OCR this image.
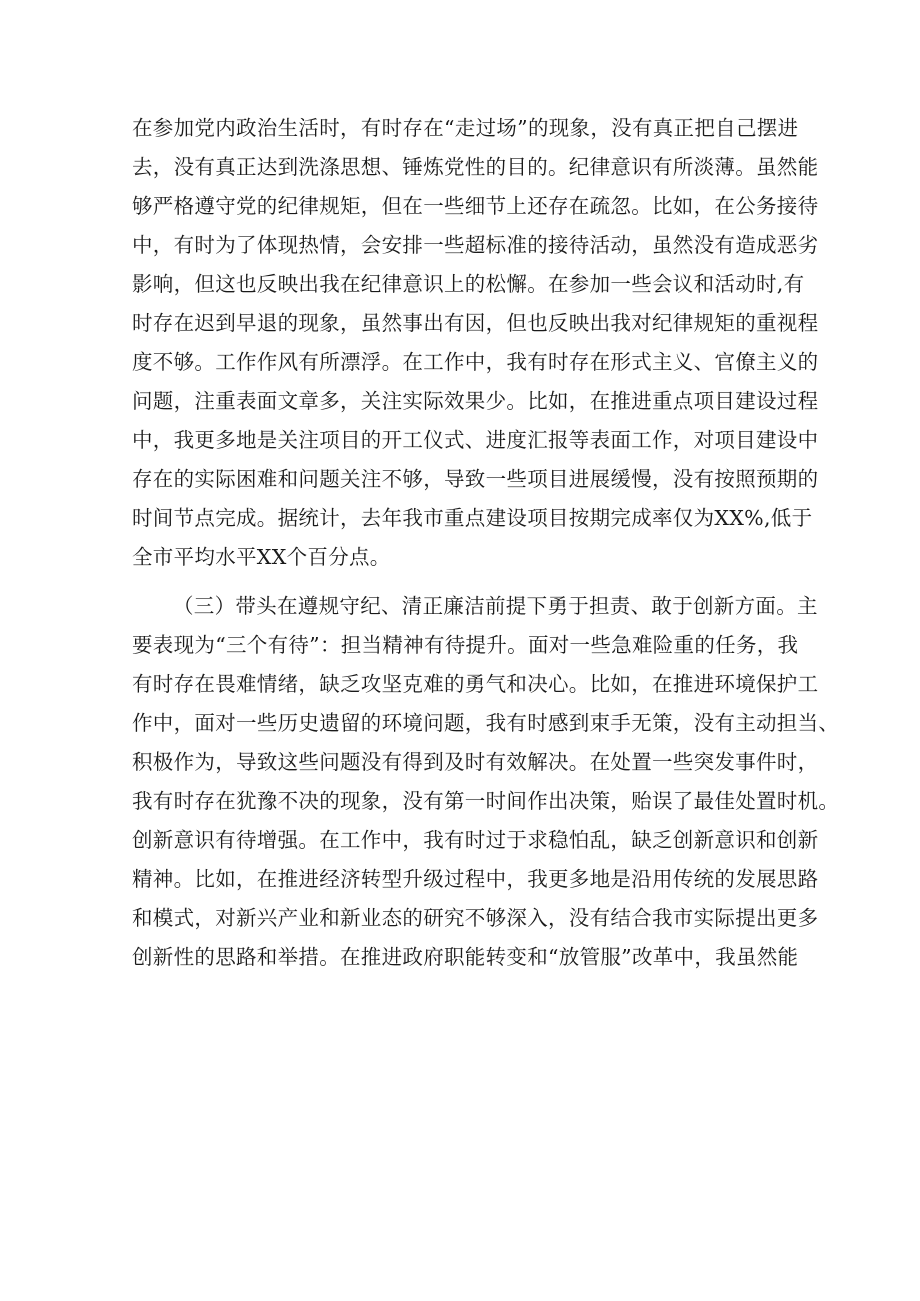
在参加党内政治生活时，有时存在“走过场”的现象，没有真正把自己摆进
去，没有真正达到洗涤思想、锤炼党性的目的。纪律意识有所淡薄。虽然能
够严格遵守党的纪律规矩，但在一些细节上还存在疏忽。比如，在公务接待
中，有时为了体现热情，会安排一些超标准的接待活动，虽然没有造成恶劣
影响，但这也反映出我在纪律意识上的松懈。在参加一些会议和活动时,有
时存在迟到早退的现象，虽然事出有因，但也反映出我对纪律规矩的重视程
度不够。工作作风有所漂浮。在工作中，我有时存在形式主义、官僚主义的
问题，注重表面文章多，关注实际效果少。比如，在推进重点项目建设过程
中，我更多地是关注项目的开工仪式、进度汇报等表面工作，对项目建设中
存在的实际困难和问题关注不够，导致一些项目进展缓慢，没有按照预期的
时间节点完成。据统计，去年我市重点建设项目按期完成率仅为XX%,低于
全市平均水平XX个百分点。
（三）带头在遵规守纪、清正廉洁前提下勇于担责、敢于创新方面。主
要表现为“三个有待”：担当精神有待提升。面对一些急难险重的任务，我
有时存在畏难情绪，缺乏攻坚克难的勇气和决心。比如，在推进环境保护工
作中，面对一些历史遗留的环境问题，我有时感到束手无策，没有主动担当、
积极作为，导致这些问题没有得到及时有效解决。在处置一些突发事件时，
我有时存在犹豫不决的现象，没有第一时间作出决策，贻误了最佳处置时机。
创新意识有待增强。在工作中，我有时过于求稳怕乱，缺乏创新意识和创新
精神。比如，在推进经济转型升级过程中，我更多地是沿用传统的发展思路
和模式，对新兴产业和新业态的研究不够深入，没有结合我市实际提出更多
创新性的思路和举措。在推进政府职能转变和“放管服”改革中，我虽然能
